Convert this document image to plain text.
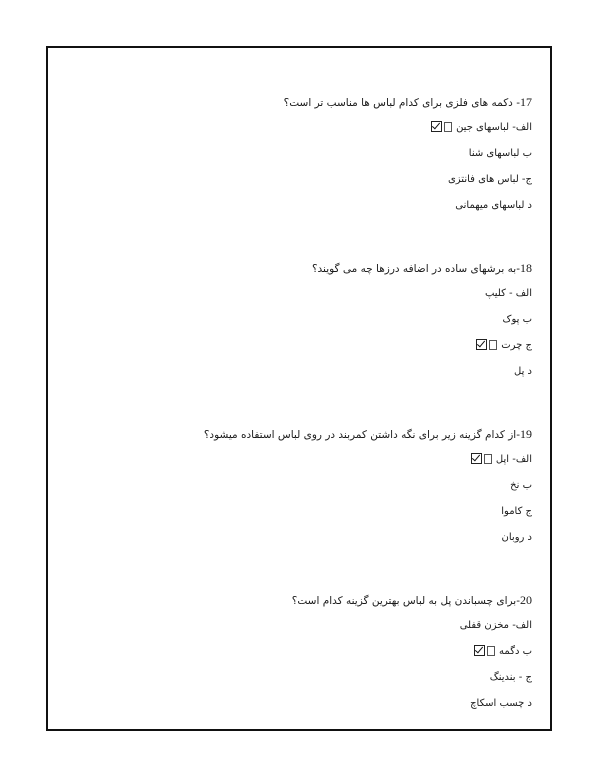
17- دکمه های فلزی برای کدام لباس ها مناسب تر است؟
الف- لباسهای جین
ب لباسهای شنا
ج- لباس های فانتزی
د لباسهای میهمانی
18-به برشهای ساده در اضافه درزها چه می گویند؟
الف - کلیپ
ب پوک
ج چرت
د پل
19-از کدام گزینه زیر برای نگه داشتن کمربند در روی لباس استفاده میشود؟
الف- اپل
ب نخ
ج کاموا
د روبان
20-برای چسباندن پل به لباس بهترین گزینه کدام است؟
الف- مخزن قفلی
ب دگمه
ج - بندینگ
د چسب اسکاچ
